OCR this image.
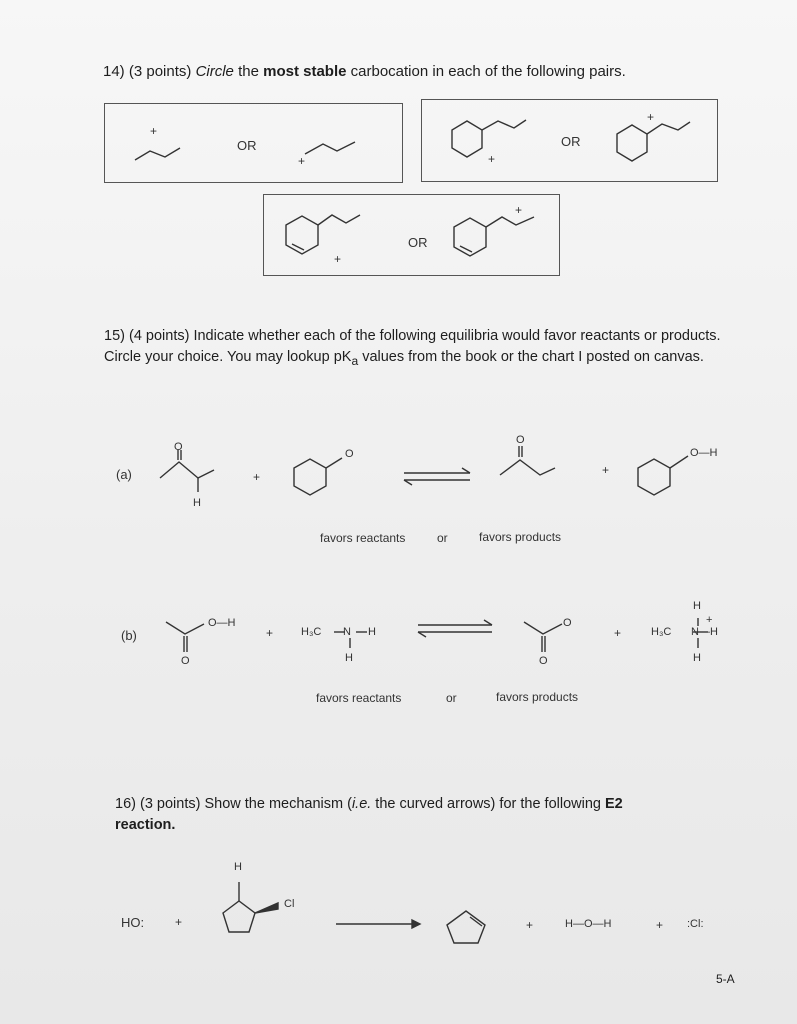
14) (3 points) Circle the most stable carbocation in each of the following pairs.
+
OR
+	+
OR
+
+
OR
+
15) (4 points) Indicate whether each of the following equilibria would favor reactants or products. Circle your choice. You may lookup $pK_a$ values from the book or the chart I posted on canvas.
(a)
O
H
+
O
O
+
O—H
favors reactants	or	favors products
(b)
O—H
O
+	H₃C N H
H
O
O
+
H
H₃C N—H
+
H
favors reactants	or	favors products
16) (3 points) Show the mechanism (i.e. the curved arrows) for the following E2
reaction.
H
Cl
HO:	+	+	H—O—H	+ :Cl:
5-A
